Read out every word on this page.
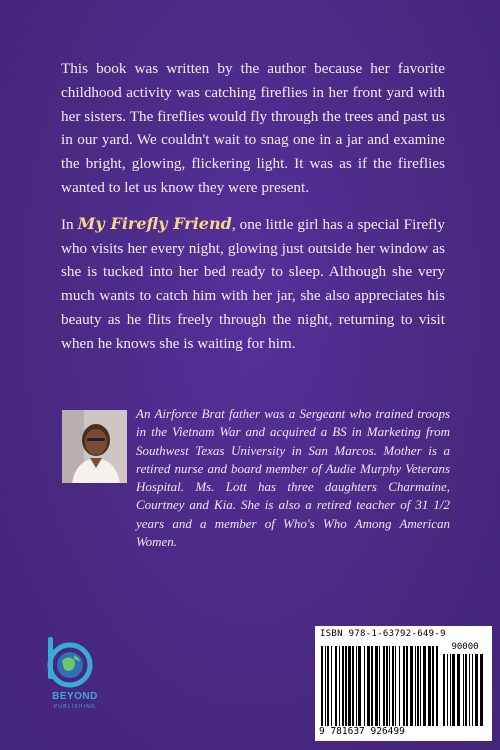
This book was written by the author because her favorite childhood activity was catching fireflies in her front yard with her sisters. The fireflies would fly through the trees and past us in our yard. We couldn't wait to snag one in a jar and examine the bright, glowing, flickering light. It was as if the fireflies wanted to let us know they were present.

In My Firefly Friend, one little girl has a special Firefly who visits her every night, glowing just outside her window as she is tucked into her bed ready to sleep. Although she very much wants to catch him with her jar, she also appreciates his beauty as he flits freely through the night, returning to visit when he knows she is waiting for him.

An Airforce Brat father was a Sergeant who trained troops in the Vietnam War and acquired a BS in Marketing from Southwest Texas University in San Marcos. Mother is a retired nurse and board member of Audie Murphy Veterans Hospital. Ms. Lott has three daughters Charmaine, Courtney and Kia. She is also a retired teacher of 31 1/2 years and a member of Who's Who Among American Women.

BEYOND
PUBLISHING
ISBN 978-1-63792-649-9
90000
9 781637 926499
